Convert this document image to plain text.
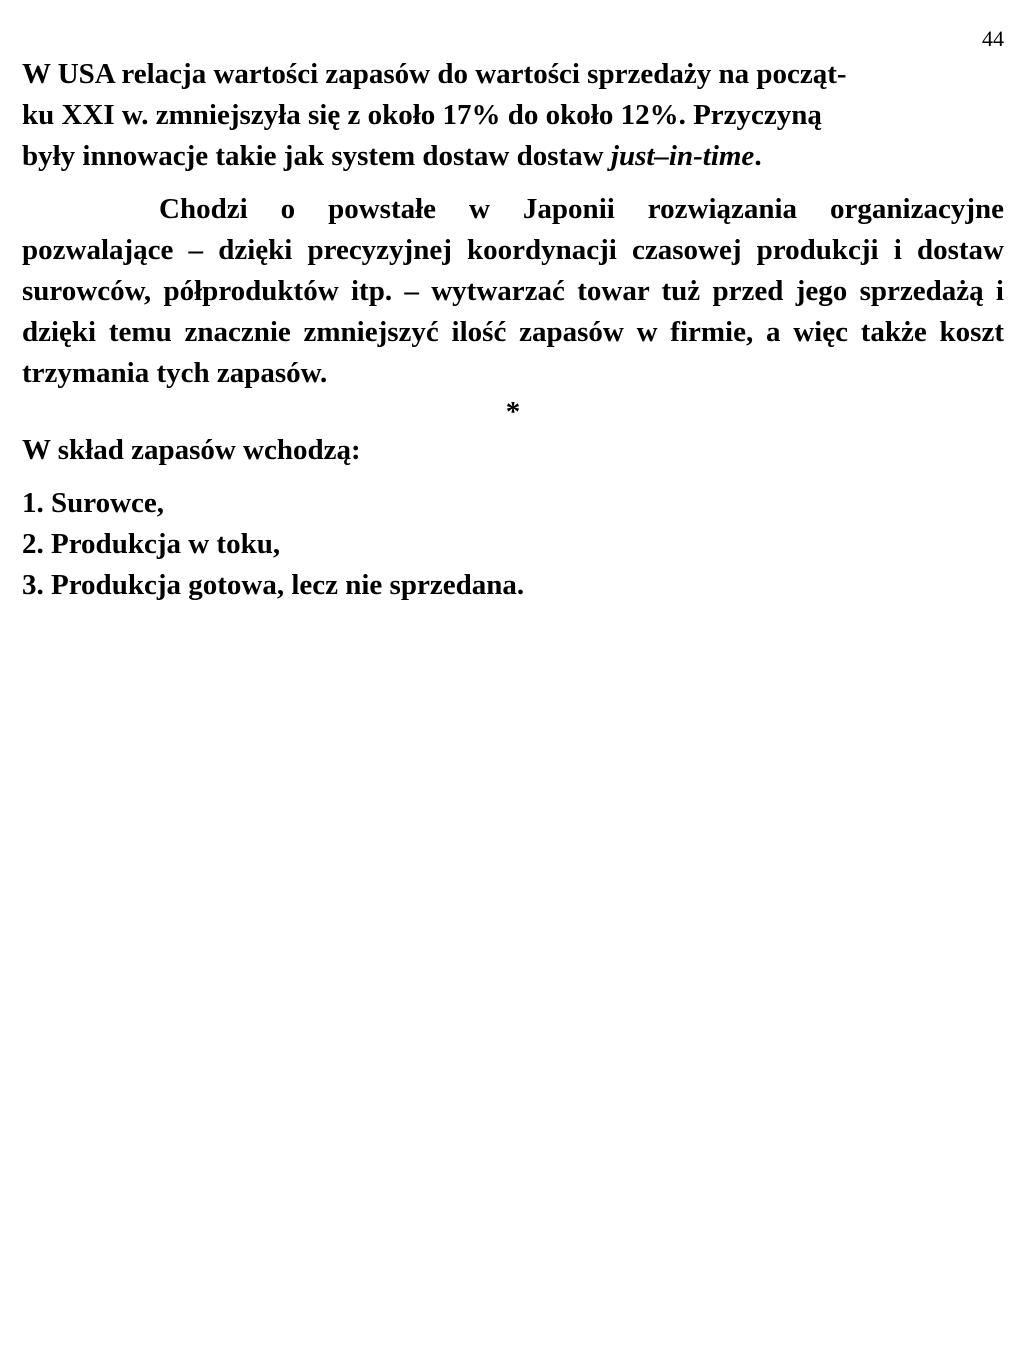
44

W USA relacja wartości zapasów do wartości sprzedaży na począt-
ku XXI w. zmniejszyła się z około 17% do około 12%. Przyczyną
były innowacje takie jak system dostaw dostaw just–in-time.

Chodzi o powstałe w Japonii rozwiązania organizacyjne pozwalające – dzięki precyzyjnej koordynacji czasowej produkcji i dostaw surowców, półproduktów itp. – wytwarzać towar tuż przed jego sprzedażą i dzięki temu znacznie zmniejszyć ilość zapasów w firmie, a więc także koszt trzymania tych zapasów.

*

W skład zapasów wchodzą:

1. Surowce,
2. Produkcja w toku,
3. Produkcja gotowa, lecz nie sprzedana.
